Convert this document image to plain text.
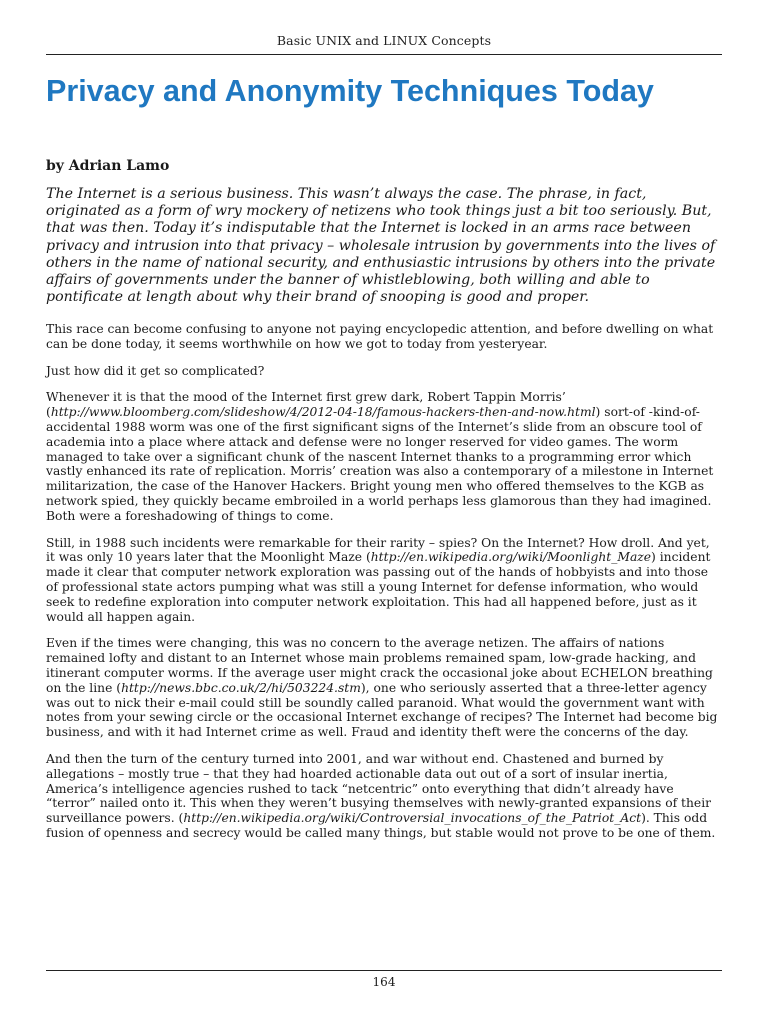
Basic UNIX and LINUX Concepts
Privacy and Anonymity Techniques Today
by Adrian Lamo

The Internet is a serious business. This wasn’t always the case. The phrase, in fact, originated as a form of wry mockery of netizens who took things just a bit too seriously. But, that was then. Today it’s indisputable that the Internet is locked in an arms race between privacy and intrusion into that privacy – wholesale intrusion by governments into the lives of others in the name of national security, and enthusiastic intrusions by others into the private affairs of governments under the banner of whistleblowing, both willing and able to pontificate at length about why their brand of snooping is good and proper.

This race can become confusing to anyone not paying encyclopedic attention, and before dwelling on what can be done today, it seems worthwhile on how we got to today from yesteryear.

Just how did it get so complicated?

Whenever it is that the mood of the Internet first grew dark, Robert Tappin Morris’ (http://www.bloomberg.com/slideshow/4/2012-04-18/famous-hackers-then-and-now.html) sort-of -kind-of-accidental 1988 worm was one of the first significant signs of the Internet’s slide from an obscure tool of academia into a place where attack and defense were no longer reserved for video games. The worm managed to take over a significant chunk of the nascent Internet thanks to a programming error which vastly enhanced its rate of replication. Morris’ creation was also a contemporary of a milestone in Internet militarization, the case of the Hanover Hackers. Bright young men who offered themselves to the KGB as network spied, they quickly became embroiled in a world perhaps less glamorous than they had imagined. Both were a foreshadowing of things to come.

Still, in 1988 such incidents were remarkable for their rarity – spies? On the Internet? How droll. And yet, it was only 10 years later that the Moonlight Maze (http://en.wikipedia.org/wiki/Moonlight_Maze) incident made it clear that computer network exploration was passing out of the hands of hobbyists and into those of professional state actors pumping what was still a young Internet for defense information, who would seek to redefine exploration into computer network exploitation. This had all happened before, just as it would all happen again.

Even if the times were changing, this was no concern to the average netizen. The affairs of nations remained lofty and distant to an Internet whose main problems remained spam, low-grade hacking, and itinerant computer worms. If the average user might crack the occasional joke about ECHELON breathing on the line (http://news.bbc.co.uk/2/hi/503224.stm), one who seriously asserted that a three-letter agency was out to nick their e-mail could still be soundly called paranoid. What would the government want with notes from your sewing circle or the occasional Internet exchange of recipes? The Internet had become big business, and with it had Internet crime as well. Fraud and identity theft were the concerns of the day.

And then the turn of the century turned into 2001, and war without end. Chastened and burned by allegations – mostly true – that they had hoarded actionable data out out of a sort of insular inertia, America’s intelligence agencies rushed to tack “netcentric” onto everything that didn’t already have “terror” nailed onto it. This when they weren’t busying themselves with newly-granted expansions of their surveillance powers. (http://en.wikipedia.org/wiki/Controversial_invocations_of_the_Patriot_Act). This odd fusion of openness and secrecy would be called many things, but stable would not prove to be one of them.

164
